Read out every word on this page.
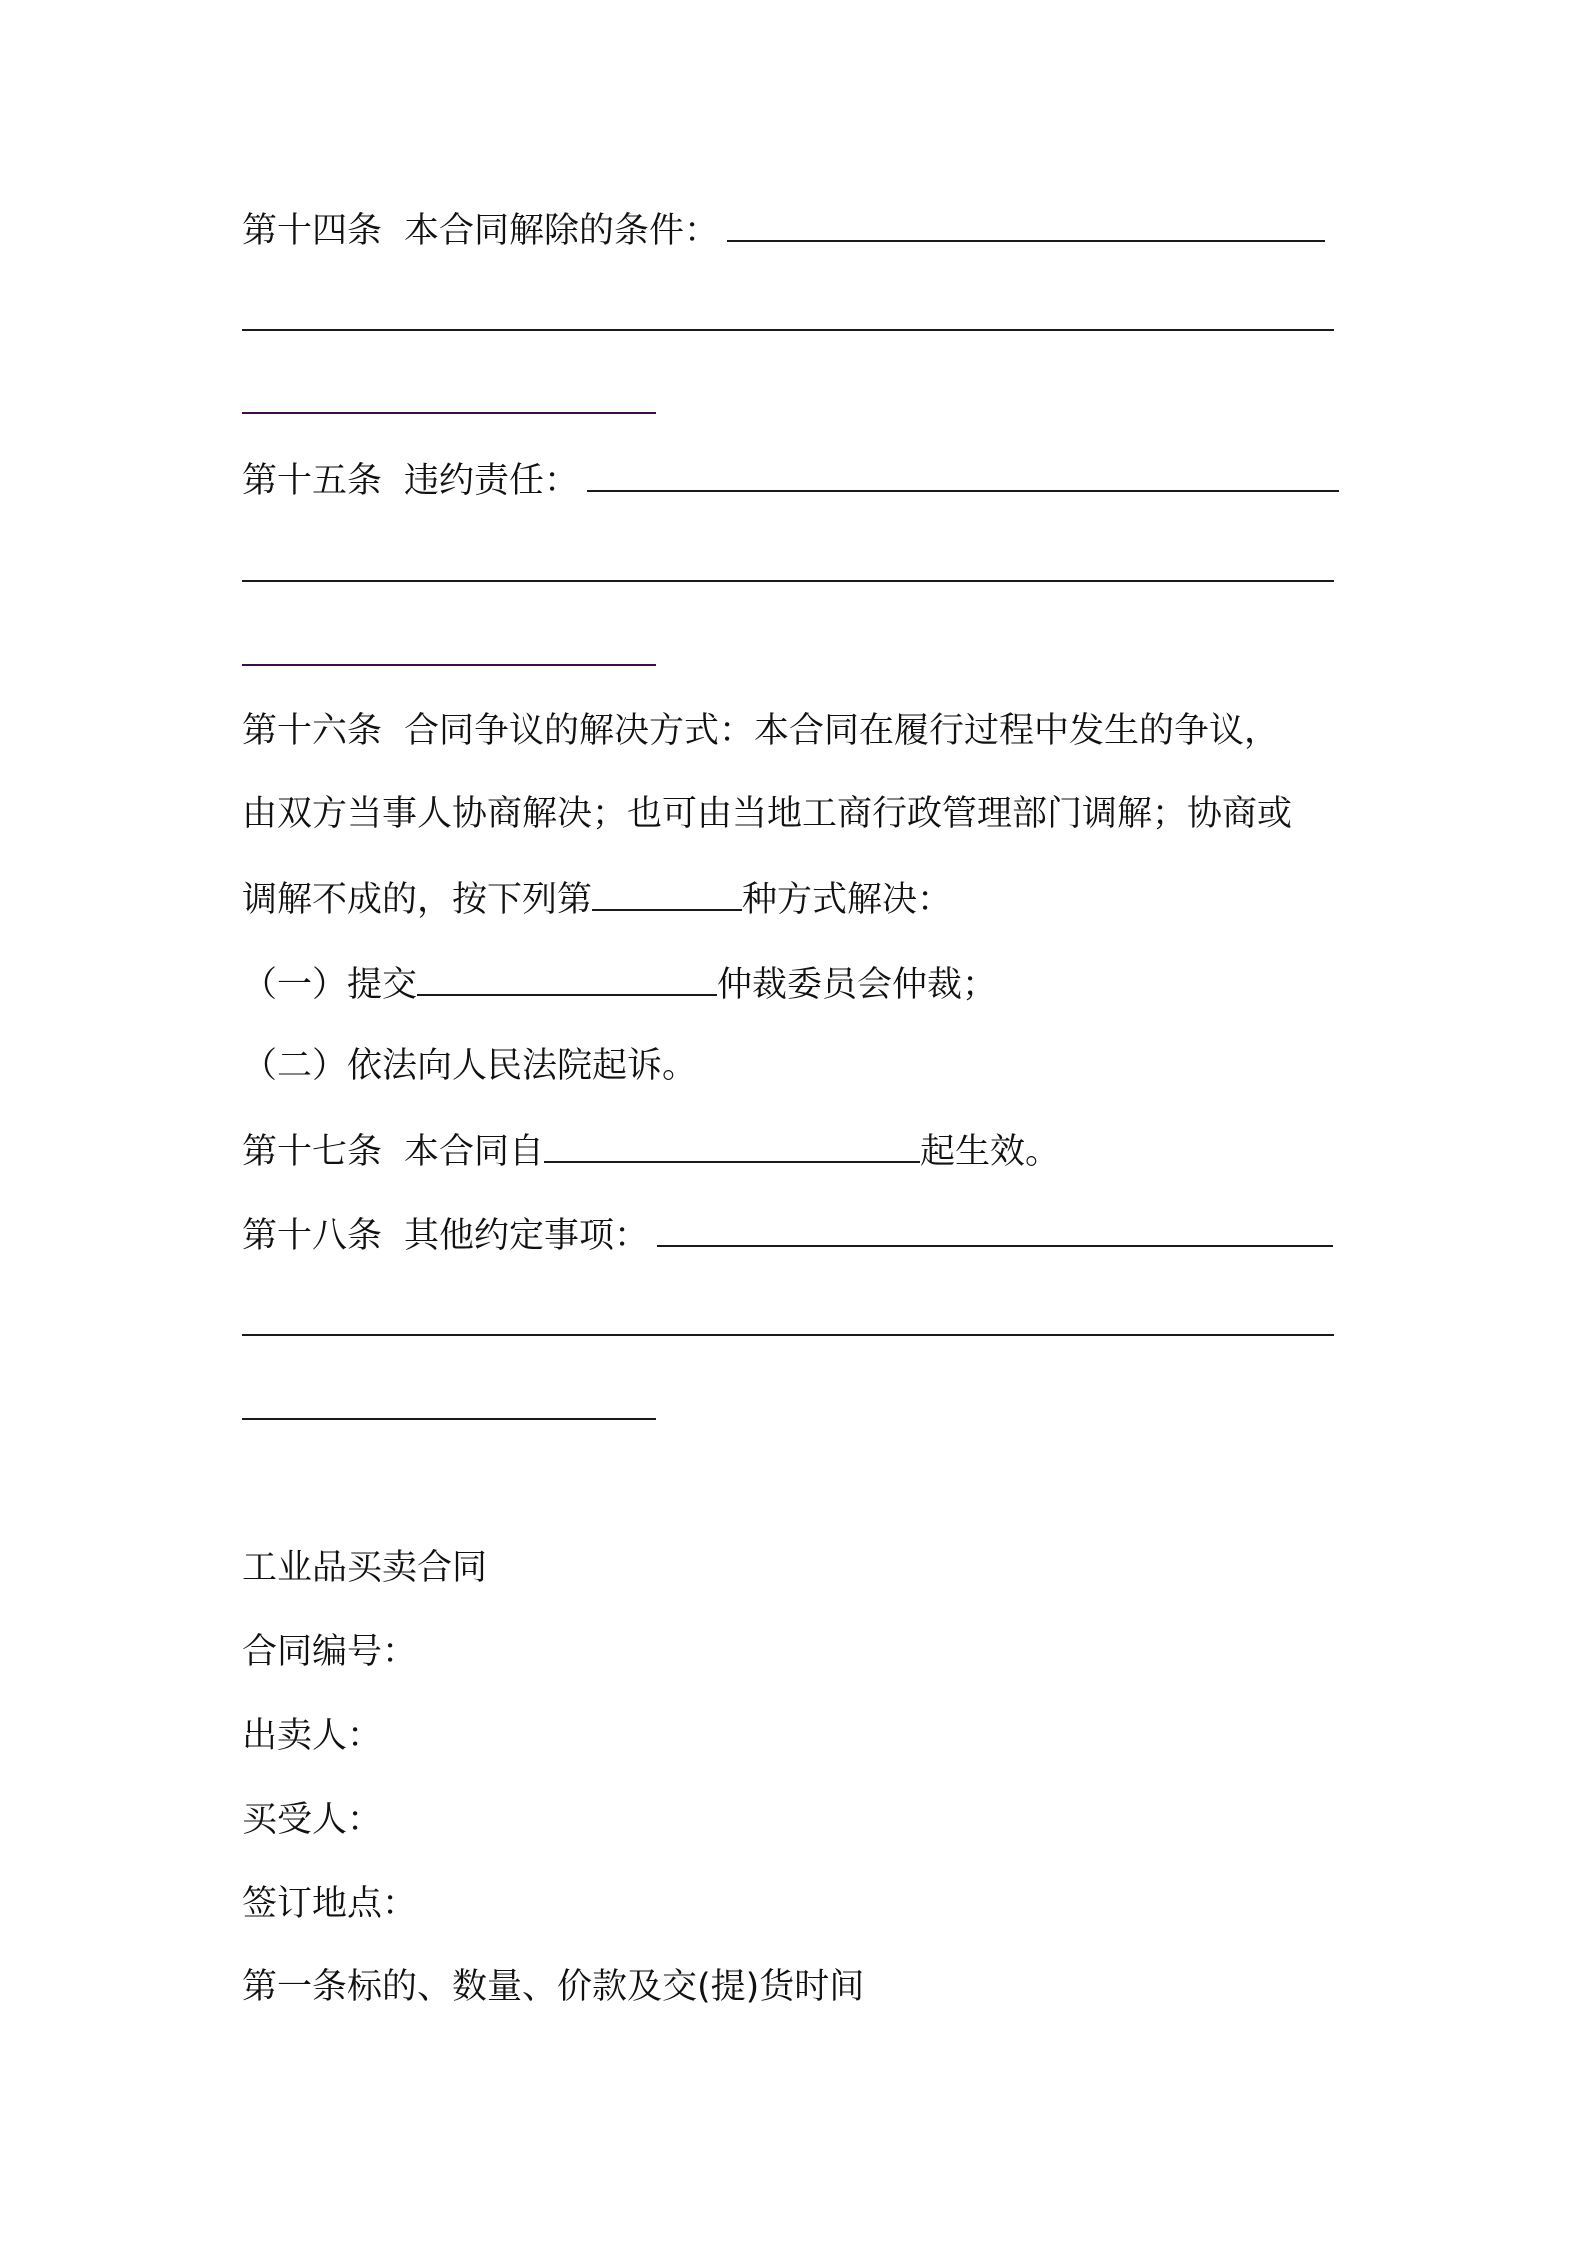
第十四条 本合同解除的条件：
第十五条 违约责任：
第十六条 合同争议的解决方式：本合同在履行过程中发生的争议，
由双方当事人协商解决；也可由当地工商行政管理部门调解；协商或
调解不成的，按下列第	种方式解决：
（一）提交	仲裁委员会仲裁；
（二）依法向人民法院起诉。
第十七条 本合同自	起生效。
第十八条 其他约定事项：
工业品买卖合同
合同编号：
出卖人：
买受人：
签订地点：
第一条标的、数量、价款及交(提)货时间
